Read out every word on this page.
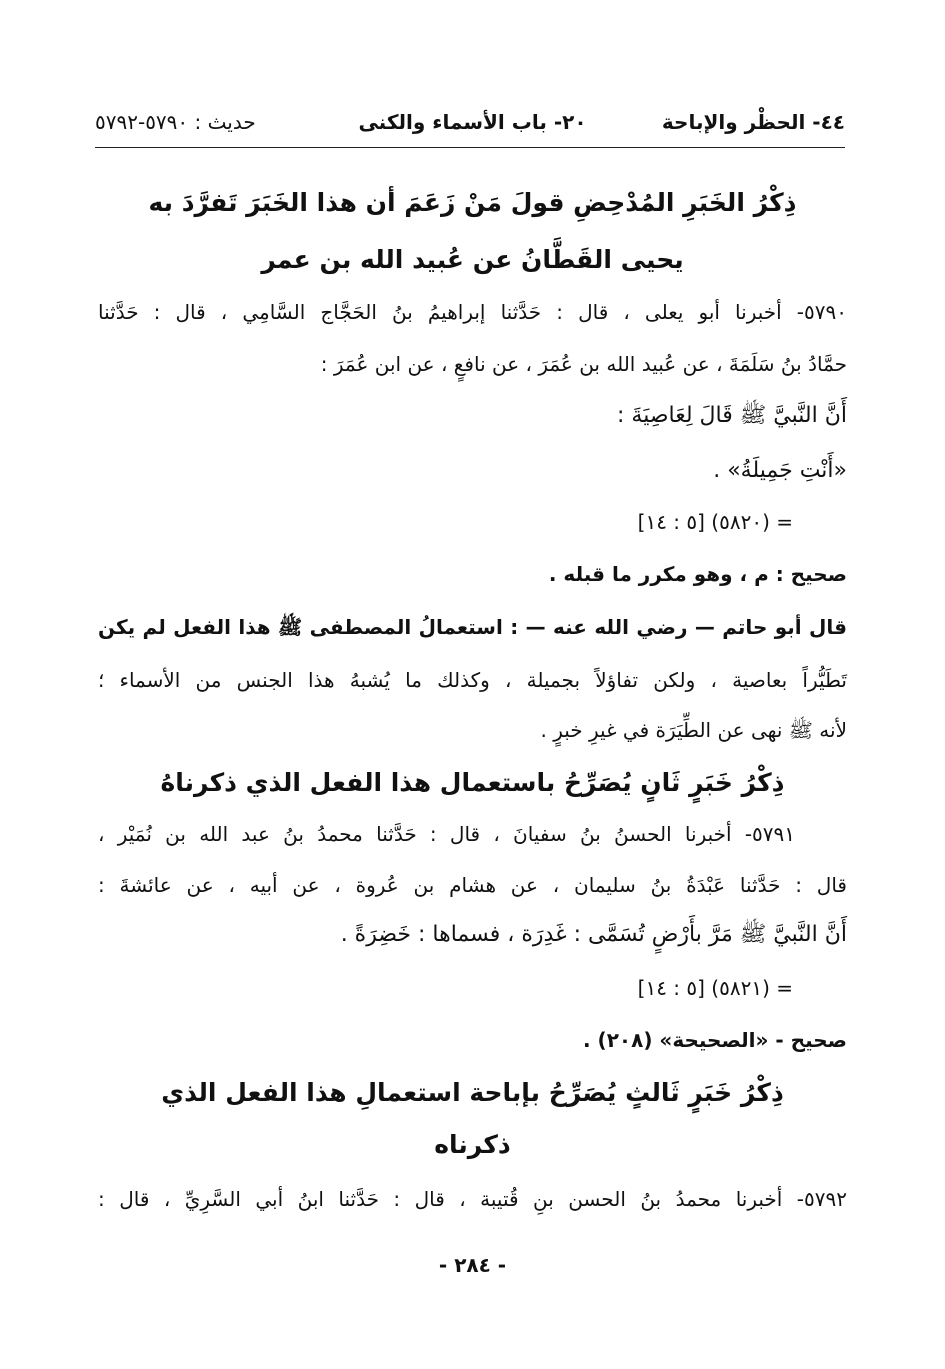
٤٤- الحظْر والإباحة
٢٠- باب الأسماء والكنى
حديث : ٥٧٩٠-٥٧٩٢
ذِكْرُ الخَبَرِ المُدْحِضِ قولَ مَنْ زَعَمَ أن هذا الخَبَرَ تَفرَّدَ به
يحيى القَطَّانُ عن عُبيد الله بن عمر
٥٧٩٠- أخبرنا أبو يعلى ، قال : حَدَّثنا إبراهيمُ بنُ الحَجَّاج السَّامِي ، قال : حَدَّثنا
حمَّادُ بنُ سَلَمَةَ ، عن عُبيد الله بن عُمَرَ ، عن نافعٍ ، عن ابن عُمَرَ :
أَنَّ النَّبيَّ ﷺ قَالَ لِعَاصِيَةَ :
«أَنْتِ جَمِيلَةُ» .
= (٥٨٢٠) [٥ : ١٤]
صحيح : م ، وهو مكرر ما قبله .
قال أبو حاتم — رضي الله عنه — : استعمالُ المصطفى ﷺ هذا الفعل لم يكن
تَطَيُّراً بعاصية ، ولكن تفاؤلاً بجميلة ، وكذلك ما يُشبهُ هذا الجنس من الأسماء ؛
لأنه ﷺ نهى عن الطِّيَرَة في غيرِ خبرٍ .
ذِكْرُ خَبَرٍ ثَانٍ يُصَرِّحُ باستعمال هذا الفعل الذي ذكرناهُ
٥٧٩١- أخبرنا الحسنُ بنُ سفيانَ ، قال : حَدَّثنا محمدُ بنُ عبد الله بن نُمَيْر ،
قال : حَدَّثنا عَبْدَةُ بنُ سليمان ، عن هشام بن عُروة ، عن أبيه ، عن عائشةَ :
أَنَّ النَّبيَّ ﷺ مَرَّ بأَرْضٍ تُسَمَّى : غَدِرَة ، فسماها : خَضِرَةً .
= (٥٨٢١) [٥ : ١٤]
صحيح - «الصحيحة» (٢٠٨) .
ذِكْرُ خَبَرٍ ثَالثٍ يُصَرِّحُ بإباحة استعمالِ هذا الفعل الذي
ذكرناه
٥٧٩٢- أخبرنا محمدُ بنُ الحسن بنِ قُتيبة ، قال : حَدَّثنا ابنُ أبي السَّرِيِّ ، قال :
- ٢٨٤ -
